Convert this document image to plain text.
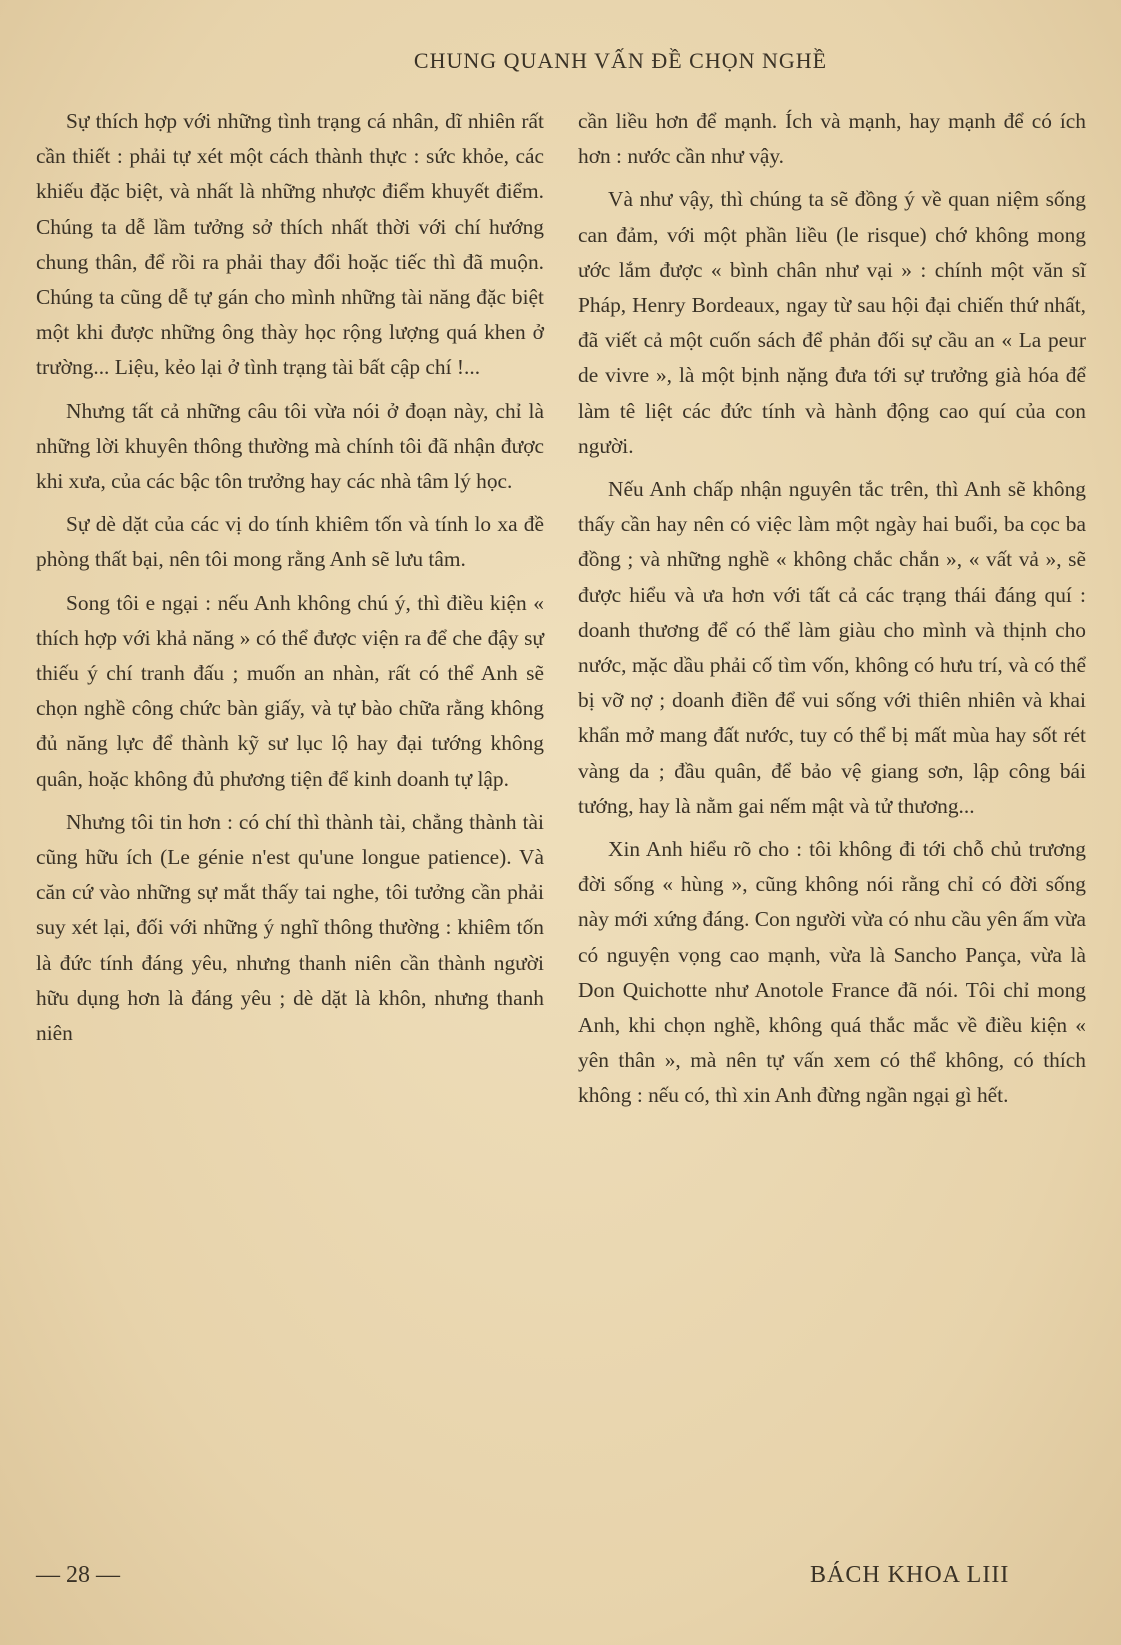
CHUNG QUANH VẤN ĐỀ CHỌN NGHỀ

Sự thích hợp với những tình trạng cá nhân, dĩ nhiên rất cần thiết : phải tự xét một cách thành thực : sức khỏe, các khiếu đặc biệt, và nhất là những nhược điểm khuyết điểm. Chúng ta dễ lầm tưởng sở thích nhất thời với chí hướng chung thân, để rồi ra phải thay đổi hoặc tiếc thì đã muộn. Chúng ta cũng dễ tự gán cho mình những tài năng đặc biệt một khi được những ông thày học rộng lượng quá khen ở trường... Liệu, kẻo lại ở tình trạng tài bất cập chí !...

Nhưng tất cả những câu tôi vừa nói ở đoạn này, chỉ là những lời khuyên thông thường mà chính tôi đã nhận được khi xưa, của các bậc tôn trưởng hay các nhà tâm lý học.

Sự dè dặt của các vị do tính khiêm tốn và tính lo xa đề phòng thất bại, nên tôi mong rằng Anh sẽ lưu tâm.

Song tôi e ngại : nếu Anh không chú ý, thì điều kiện « thích hợp với khả năng » có thể được viện ra để che đậy sự thiếu ý chí tranh đấu ; muốn an nhàn, rất có thể Anh sẽ chọn nghề công chức bàn giấy, và tự bào chữa rằng không đủ năng lực để thành kỹ sư lục lộ hay đại tướng không quân, hoặc không đủ phương tiện để kinh doanh tự lập.

Nhưng tôi tin hơn : có chí thì thành tài, chẳng thành tài cũng hữu ích (Le génie n'est qu'une longue patience). Và căn cứ vào những sự mắt thấy tai nghe, tôi tưởng cần phải suy xét lại, đối với những ý nghĩ thông thường : khiêm tốn là đức tính đáng yêu, nhưng thanh niên cần thành người hữu dụng hơn là đáng yêu ; dè dặt là khôn, nhưng thanh niên

cần liều hơn để mạnh. Ích và mạnh, hay mạnh để có ích hơn : nước cần như vậy.

Và như vậy, thì chúng ta sẽ đồng ý về quan niệm sống can đảm, với một phần liều (le risque) chớ không mong ước lắm được « bình chân như vại » : chính một văn sĩ Pháp, Henry Bordeaux, ngay từ sau hội đại chiến thứ nhất, đã viết cả một cuốn sách để phản đối sự cầu an « La peur de vivre », là một bịnh nặng đưa tới sự trưởng già hóa để làm tê liệt các đức tính và hành động cao quí của con người.

Nếu Anh chấp nhận nguyên tắc trên, thì Anh sẽ không thấy cần hay nên có việc làm một ngày hai buổi, ba cọc ba đồng ; và những nghề « không chắc chắn », « vất vả », sẽ được hiểu và ưa hơn với tất cả các trạng thái đáng quí : doanh thương để có thể làm giàu cho mình và thịnh cho nước, mặc dầu phải cố tìm vốn, không có hưu trí, và có thể bị vỡ nợ ; doanh điền để vui sống với thiên nhiên và khai khẩn mở mang đất nước, tuy có thể bị mất mùa hay sốt rét vàng da ; đầu quân, để bảo vệ giang sơn, lập công bái tướng, hay là nằm gai nếm mật và tử thương...

Xin Anh hiểu rõ cho : tôi không đi tới chỗ chủ trương đời sống « hùng », cũng không nói rằng chỉ có đời sống này mới xứng đáng. Con người vừa có nhu cầu yên ấm vừa có nguyện vọng cao mạnh, vừa là Sancho Pança, vừa là Don Quichotte như Anotole France đã nói. Tôi chỉ mong Anh, khi chọn nghề, không quá thắc mắc về điều kiện « yên thân », mà nên tự vấn xem có thể không, có thích không : nếu có, thì xin Anh đừng ngần ngại gì hết.

— 28 —	BÁCH KHOA LIII
